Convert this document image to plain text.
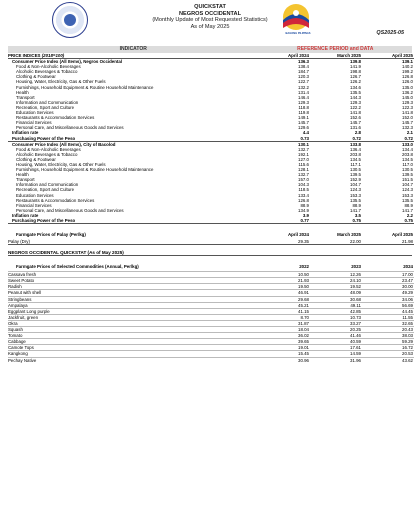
QUICKSTAT
NEGROS OCCIDENTAL
(Monthly Update of Most Requested Statistics)
As of May 2025
BAGONG PILIPINAS	QS2025-05
INDICATOR	REFERENCE PERIOD and DATA
PRICE INDICES (2018=100)	April 2024	March 2025	April 2025
Consumer Price Index (All Items), Negros Occidental	136.3	139.8	139.1
Food & Non-Alcoholic Beverages	138.4	141.9	140.2
Alcoholic Beverages & Tobacco	184.7	198.8	199.2
Clothing & Footwear	120.3	126.7	126.8
Housing, Water, Electricity, Gas & Other Fuels	122.7	126.2	126.0
Furnishings, Household Equipment & Routine Household Maintenance	132.2	134.6	135.0
Health	131.4	135.5	136.2
Transport	146.4	144.3	145.0
Information and Communication	129.3	129.3	129.3
Recreation, Sport and Culture	118.8	122.2	122.3
Education Services	119.8	141.8	141.8
Restaurants & Accommodation Services	149.1	152.6	152.0
Financial Services	145.7	145.7	145.7
Personal Care, and Miscellaneous Goods and Services	129.6	131.6	132.3
Inflation rate	4.4	2.8	2.1
Purchasing Power of the Peso	0.73	0.72	0.72
Consumer Price Index (All Items), City of Bacolod	130.1	133.8	133.0
Food & Non-Alcoholic Beverages	132.7	136.4	134.4
Alcoholic Beverages & Tobacco	192.1	203.8	203.8
Clothing & Footwear	127.0	134.5	134.5
Housing, Water, Electricity, Gas & Other Fuels	115.6	117.1	117.0
Furnishings, Household Equipment & Routine Household Maintenance	128.1	130.5	130.5
Health	132.7	139.5	139.5
Transport	157.0	152.9	151.5
Information and Communication	104.3	104.7	104.7
Recreation, Sport and Culture	118.5	124.3	124.3
Education Services	133.4	153.3	153.3
Restaurants & Accommodation Services	126.8	135.5	135.5
Financial Services	88.9	88.9	88.9
Personal Care, and Miscellaneous Goods and Services	134.9	141.7	141.7
Inflation rate	3.9	3.5	2.2
Purchasing Power of the Peso	0.77	0.75	0.75
Farmgate Prices of Palay (Per/kg)	April 2024	March 2025	April 2025
Palay (Dry)	29.35	22.00	21.98
NEGROS OCCIDENTAL QUICKSTAT (As of May 2025)
Farmgate Prices of Selected Commodities (Annual, Per/kg)	2022	2023	2024
Cassava fresh	10.50	12.26	17.00
Sweet Potato	21.93	24.10	23.47
Radish	19.50	19.52	30.00
Peanut with shell	46.91	48.09	49.29
Stringbeans	29.68	30.68	34.06
Ampalaya	45.21	49.11	56.69
Eggplant Long purple	41.15	42.85	44.45
Jackfruit, green	8.70	10.73	11.55
Okra	31.87	33.27	32.65
Squash	18.04	20.25	20.43
Tomato	36.02	41.46	38.03
Cabbage	39.65	40.59	59.29
Camote Tops	19.01	17.61	16.72
Kangkong	15.45	14.59	20.53
Pechay Native	30.96	31.96	43.62
